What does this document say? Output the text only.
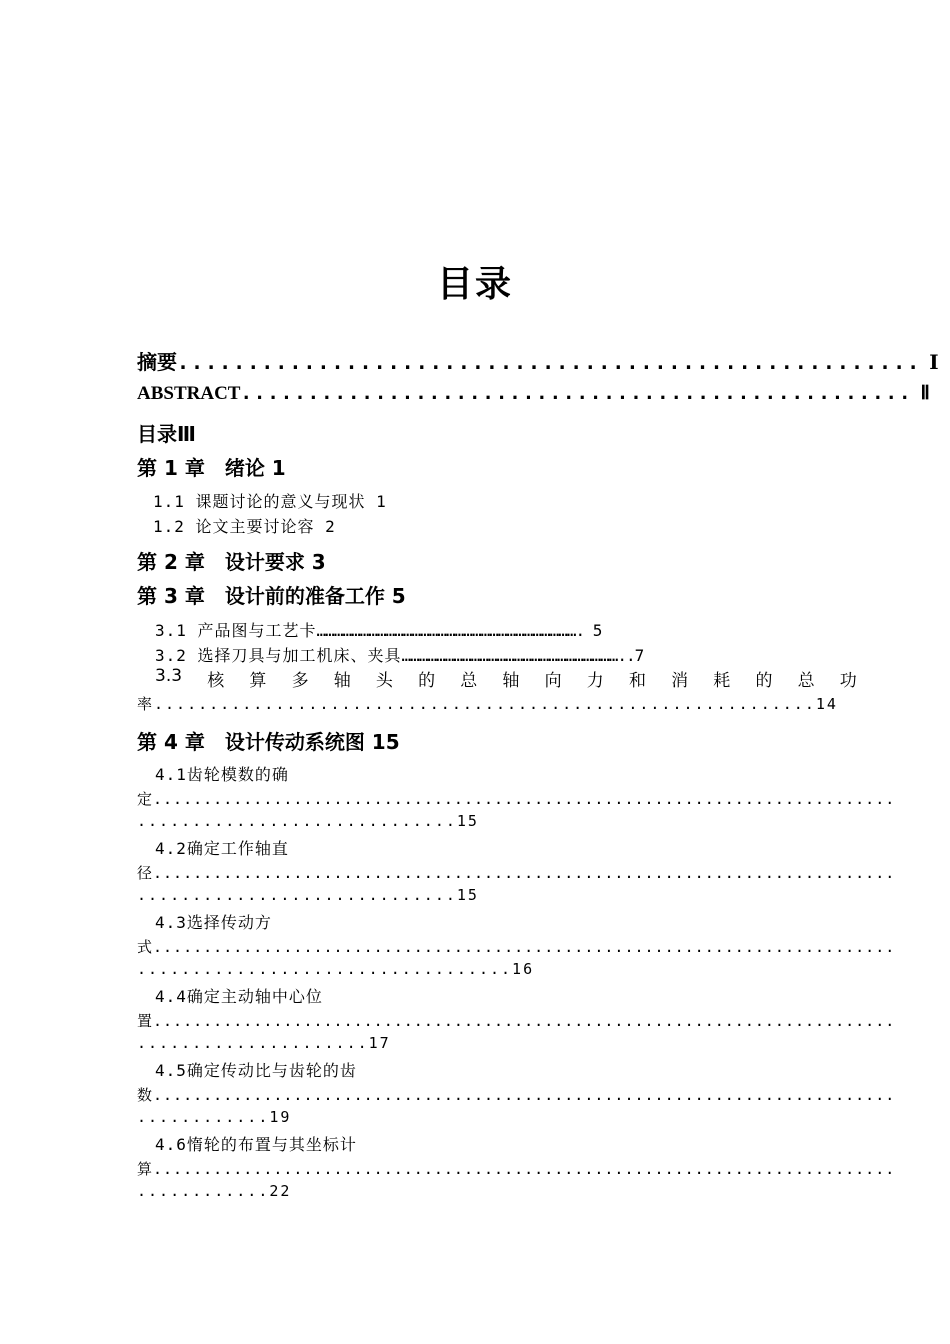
目录
摘要..................................................... Ⅰ
ABSTRACT.................................................. Ⅱ
目录Ⅲ
第 1 章　绪论 1
1.1 课题讨论的意义与现状 1
1.2 论文主要讨论容 2
第 2 章　设计要求 3
第 3 章　设计前的准备工作 5
3.1 产品图与工艺卡………………………………………………………………………………. 5
3.2 选择刀具与加工机床、夹具…………………………………………………………………..7
3.3 核 算 多 轴 头 的 总 轴 向 力 和 消 耗 的 总 功
率............................................................14
第 4 章　设计传动系统图 15
4.1齿轮模数的确
定..........................................................................
.............................15
4.2确定工作轴直
径..........................................................................
.............................15
4.3选择传动方
式..........................................................................
..................................16
4.4确定主动轴中心位
置..........................................................................
.....................17
4.5确定传动比与齿轮的齿
数..........................................................................
............19
4.6惰轮的布置与其坐标计
算..........................................................................
............22
